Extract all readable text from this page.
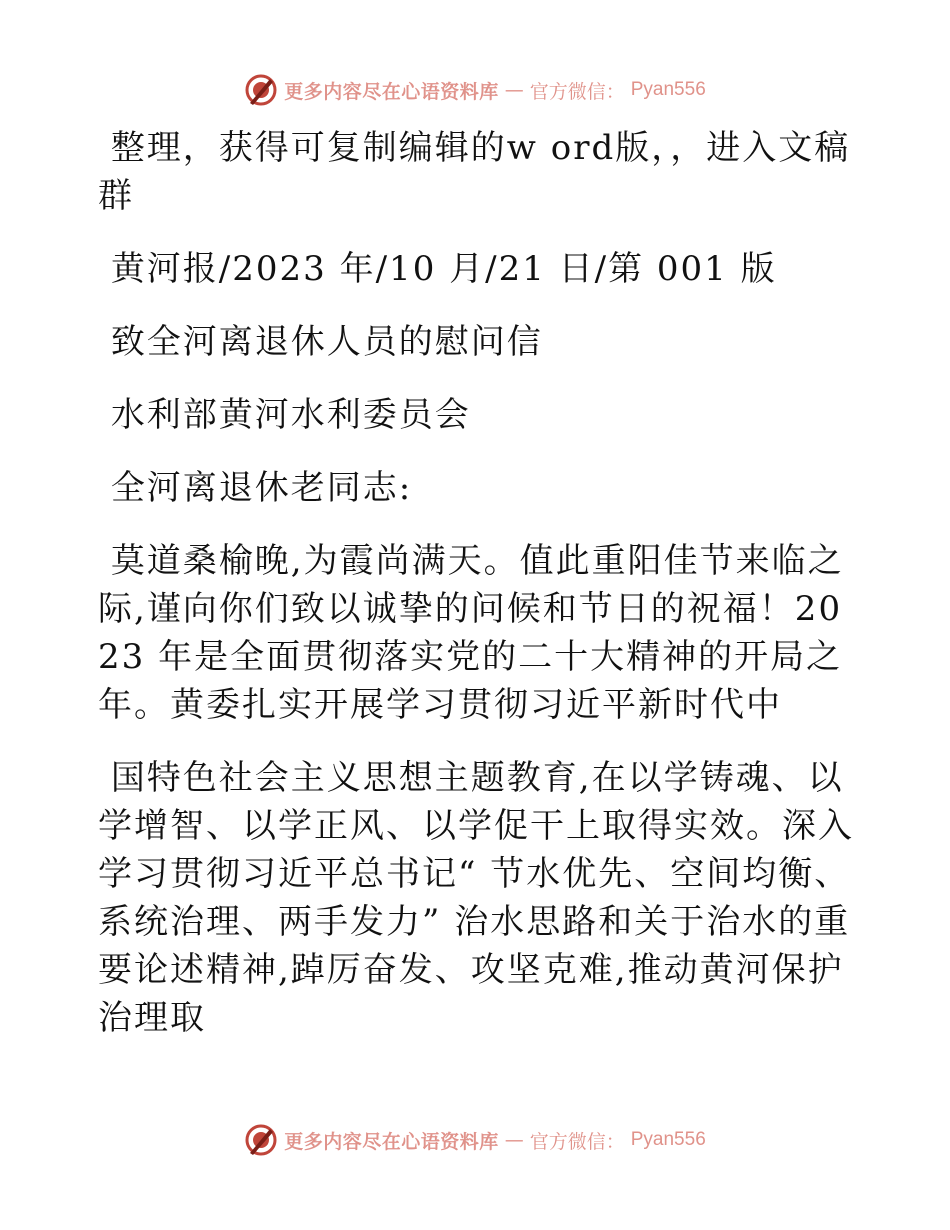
更多内容尽在心语资料库 — 官方微信： Pyan556

整理，获得可复制编辑的w ord版，，进入文稿群

黄河报/2023 年/10 月/21 日/第 001 版

致全河离退休人员的慰问信

水利部黄河水利委员会

全河离退休老同志:

莫道桑榆晚,为霞尚满天。值此重阳佳节来临之际,谨向你们致以诚挚的问候和节日的祝福！2023 年是全面贯彻落实党的二十大精神的开局之年。黄委扎实开展学习贯彻习近平新时代中

国特色社会主义思想主题教育,在以学铸魂、以学增智、以学正风、以学促干上取得实效。深入学习贯彻习近平总书记“ 节水优先、空间均衡、系统治理、两手发力” 治水思路和关于治水的重要论述精神,踔厉奋发、攻坚克难,推动黄河保护治理取

更多内容尽在心语资料库 — 官方微信： Pyan556
